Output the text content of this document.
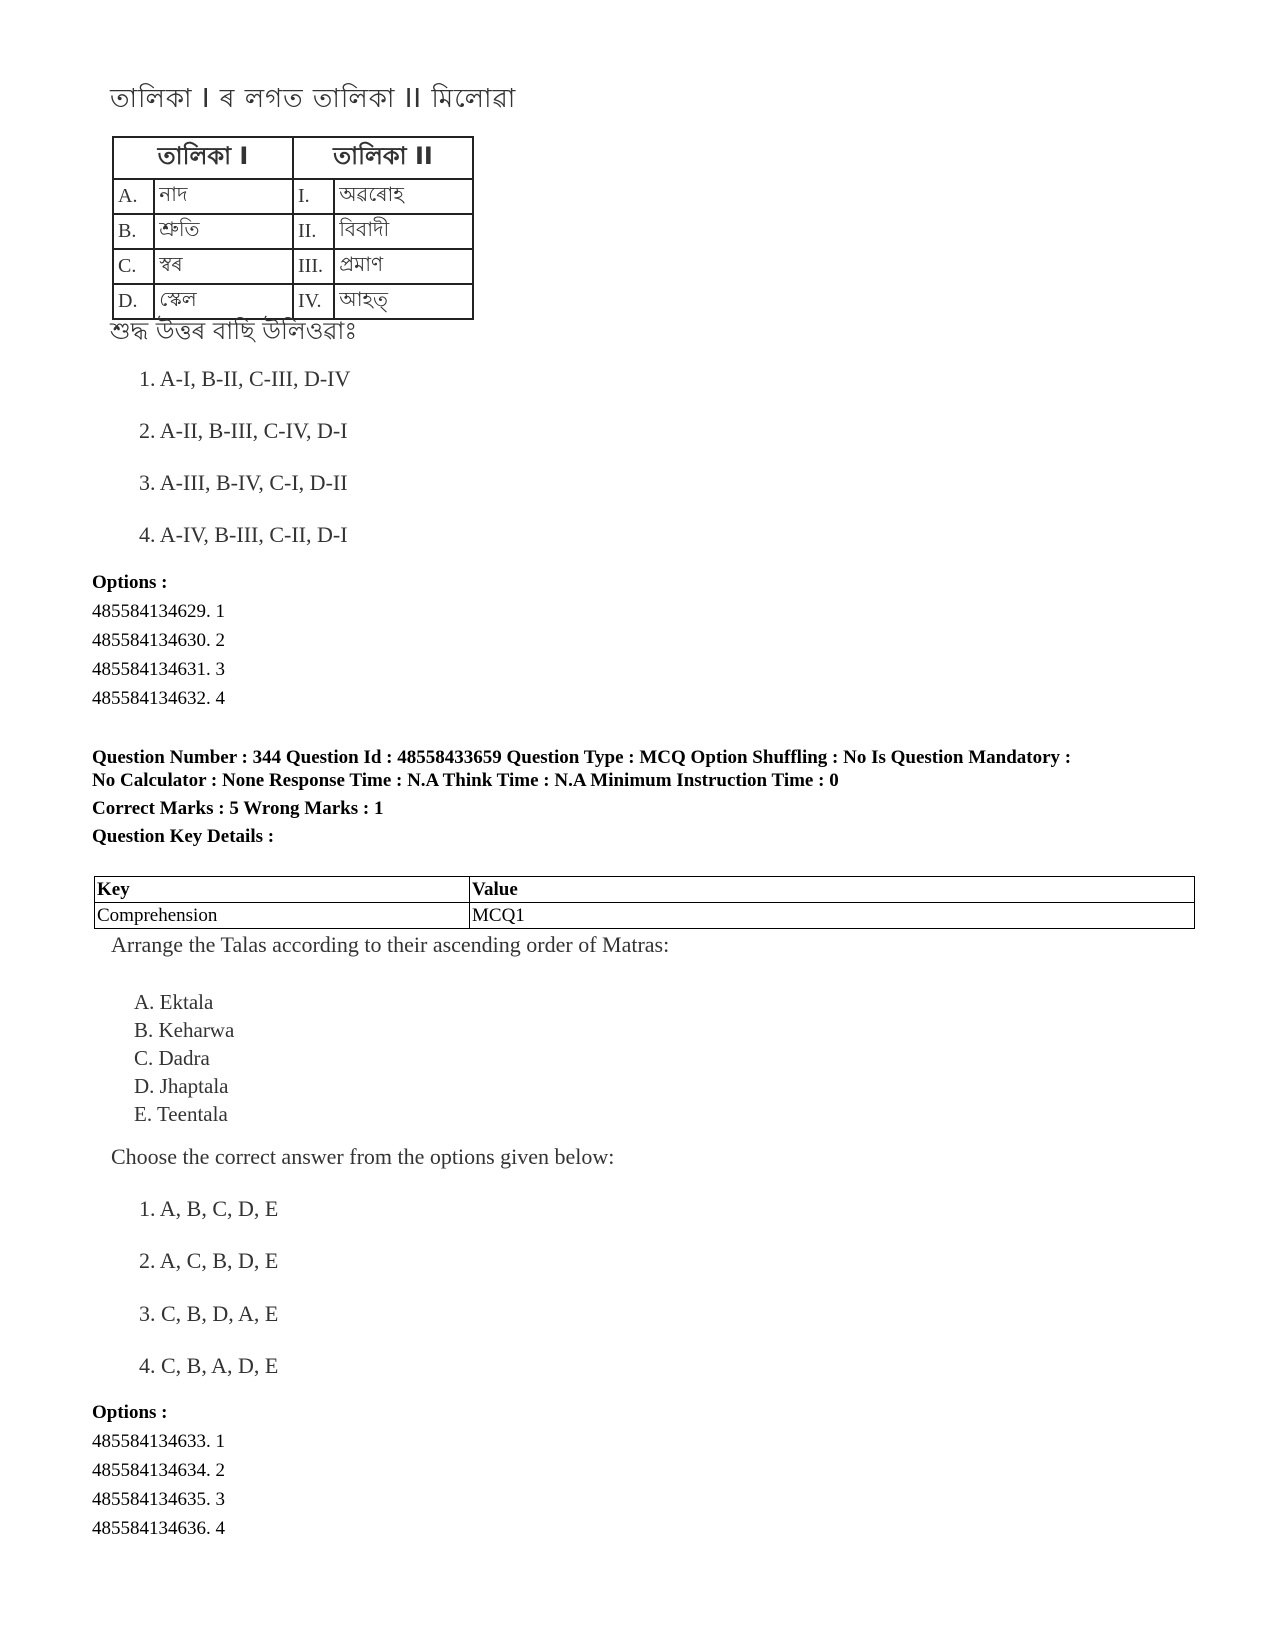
তালিকা I ৰ লগত তালিকা II মিলোৱা
তালিকা I		তালিকা II	
A.	নাদ	I.	অৱৰোহ
B.	শ্ৰুতি	II.	বিবাদী
C.	স্বৰ	III.	প্ৰমাণ
D.	স্কেল	IV.	আহত্
শুদ্ধ উত্তৰ বাছি উলিওৱাঃ
1. A-I, B-II, C-III, D-IV
2. A-II, B-III, C-IV, D-I
3. A-III, B-IV, C-I, D-II
4. A-IV, B-III, C-II, D-I
Options :
485584134629. 1
485584134630. 2
485584134631. 3
485584134632. 4
Question Number : 344 Question Id : 48558433659 Question Type : MCQ Option Shuffling : No Is Question Mandatory :
No Calculator : None Response Time : N.A Think Time : N.A Minimum Instruction Time : 0
Correct Marks : 5 Wrong Marks : 1
Question Key Details :
Key	Value
Comprehension	MCQ1
Arrange the Talas according to their ascending order of Matras:
A. Ektala
B. Keharwa
C. Dadra
D. Jhaptala
E. Teentala
Choose the correct answer from the options given below:
1. A, B, C, D, E
2. A, C, B, D, E
3. C, B, D, A, E
4. C, B, A, D, E
Options :
485584134633. 1
485584134634. 2
485584134635. 3
485584134636. 4
